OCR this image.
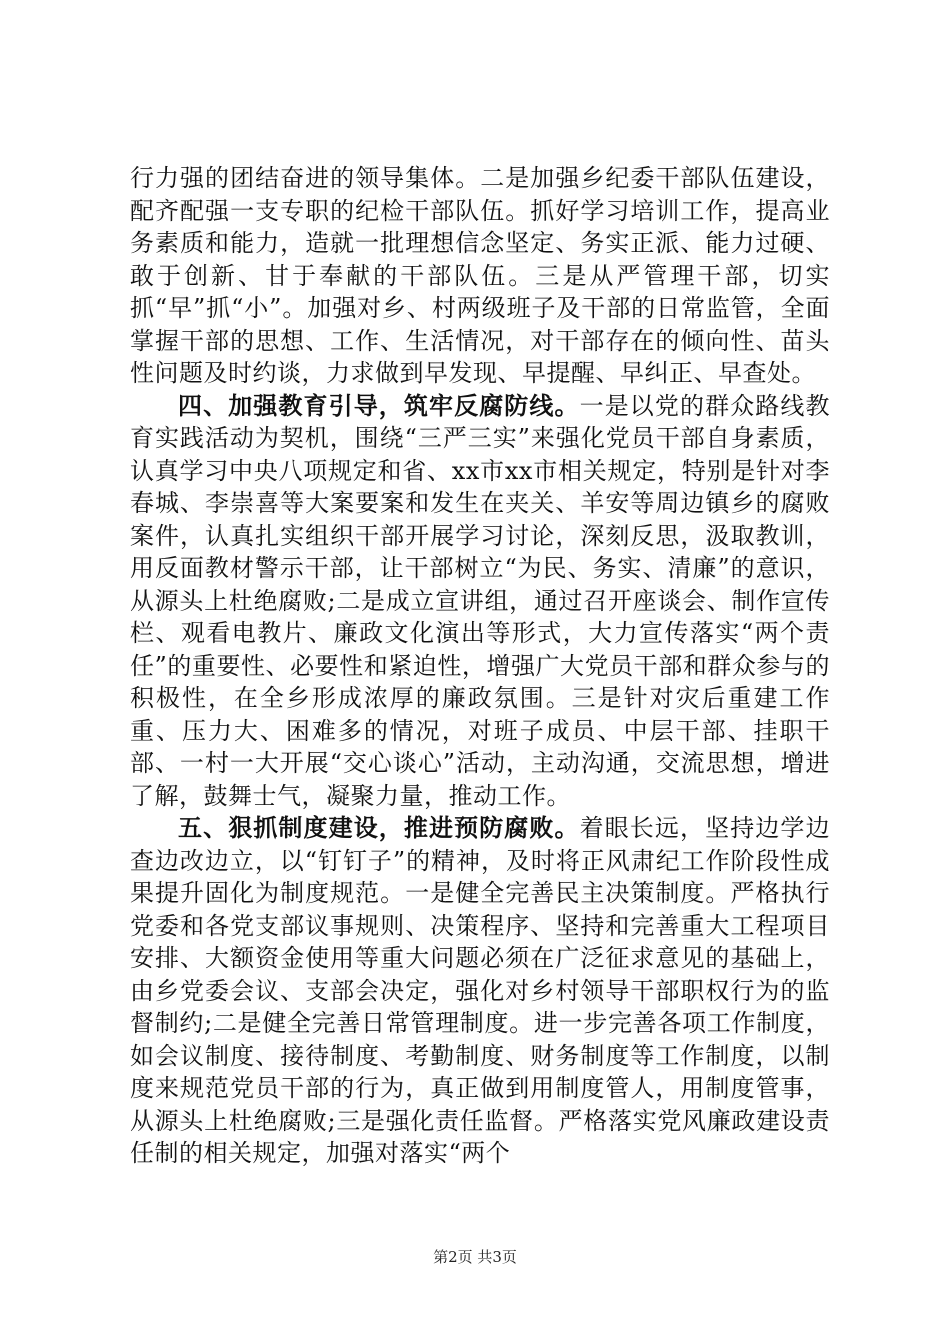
行力强的团结奋进的领导集体。二是加强乡纪委干部队伍建设，配齐配强一支专职的纪检干部队伍。抓好学习培训工作，提高业务素质和能力，造就一批理想信念坚定、务实正派、能力过硬、敢于创新、甘于奉献的干部队伍。三是从严管理干部，切实抓“早”抓“小”。加强对乡、村两级班子及干部的日常监管，全面掌握干部的思想、工作、生活情况，对干部存在的倾向性、苗头性问题及时约谈，力求做到早发现、早提醒、早纠正、早查处。

四、加强教育引导，筑牢反腐防线。一是以党的群众路线教育实践活动为契机，围绕“三严三实”来强化党员干部自身素质，认真学习中央八项规定和省、xx市xx市相关规定，特别是针对李春城、李崇喜等大案要案和发生在夹关、羊安等周边镇乡的腐败案件，认真扎实组织干部开展学习讨论，深刻反思，汲取教训，用反面教材警示干部，让干部树立“为民、务实、清廉”的意识，从源头上杜绝腐败;二是成立宣讲组，通过召开座谈会、制作宣传栏、观看电教片、廉政文化演出等形式，大力宣传落实“两个责任”的重要性、必要性和紧迫性，增强广大党员干部和群众参与的积极性，在全乡形成浓厚的廉政氛围。三是针对灾后重建工作重、压力大、困难多的情况，对班子成员、中层干部、挂职干部、一村一大开展“交心谈心”活动，主动沟通，交流思想，增进了解，鼓舞士气，凝聚力量，推动工作。

五、狠抓制度建设，推进预防腐败。着眼长远，坚持边学边查边改边立，以“钉钉子”的精神，及时将正风肃纪工作阶段性成果提升固化为制度规范。一是健全完善民主决策制度。严格执行党委和各党支部议事规则、决策程序、坚持和完善重大工程项目安排、大额资金使用等重大问题必须在广泛征求意见的基础上，由乡党委会议、支部会决定，强化对乡村领导干部职权行为的监督制约;二是健全完善日常管理制度。进一步完善各项工作制度，如会议制度、接待制度、考勤制度、财务制度等工作制度，以制度来规范党员干部的行为，真正做到用制度管人，用制度管事，从源头上杜绝腐败;三是强化责任监督。严格落实党风廉政建设责任制的相关规定，加强对落实“两个

第2页 共3页
